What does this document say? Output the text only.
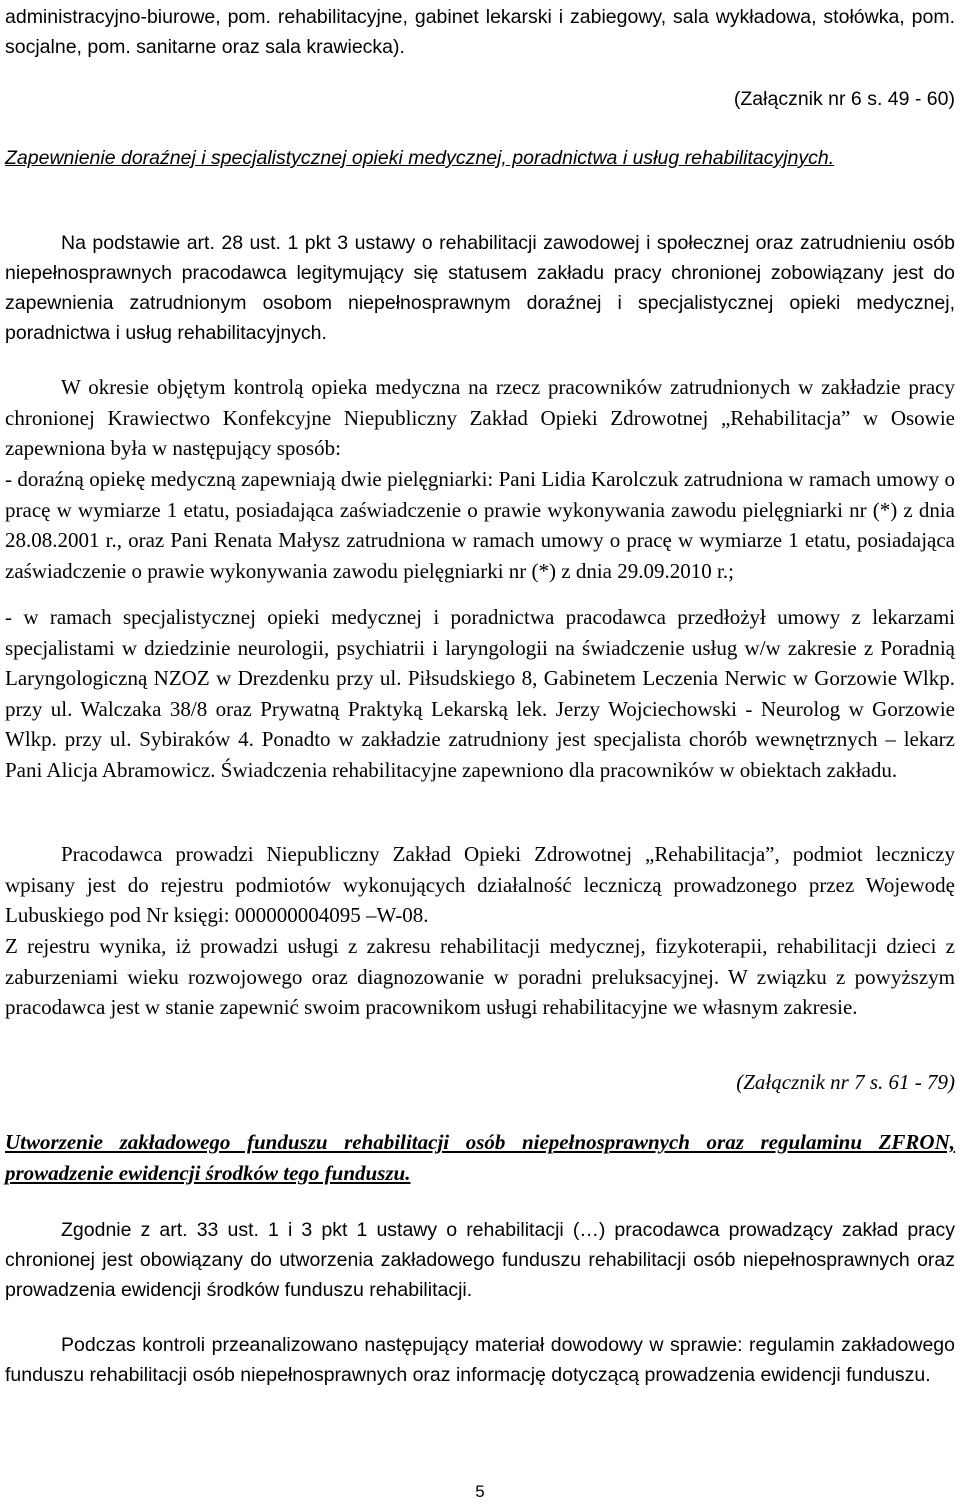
administracyjno-biurowe, pom. rehabilitacyjne, gabinet lekarski i zabiegowy, sala wykładowa, stołówka, pom. socjalne, pom. sanitarne oraz sala krawiecka).

(Załącznik nr 6 s. 49 - 60)

Zapewnienie doraźnej i specjalistycznej opieki medycznej, poradnictwa i usług rehabilitacyjnych.

Na podstawie art. 28 ust. 1 pkt 3 ustawy o rehabilitacji zawodowej i społecznej oraz zatrudnieniu osób niepełnosprawnych pracodawca legitymujący się statusem zakładu pracy chronionej zobowiązany jest do zapewnienia zatrudnionym osobom niepełnosprawnym doraźnej i specjalistycznej opieki medycznej, poradnictwa i usług rehabilitacyjnych.

W okresie objętym kontrolą opieka medyczna na rzecz pracowników zatrudnionych w zakładzie pracy chronionej Krawiectwo Konfekcyjne Niepubliczny Zakład Opieki Zdrowotnej „Rehabilitacja” w Osowie zapewniona była w następujący sposób:

- doraźną opiekę medyczną zapewniają dwie pielęgniarki: Pani Lidia Karolczuk zatrudniona w ramach umowy o pracę w wymiarze 1 etatu, posiadająca zaświadczenie o prawie wykonywania zawodu pielęgniarki nr (*) z dnia 28.08.2001 r., oraz Pani Renata Małysz zatrudniona w ramach umowy o pracę w wymiarze 1 etatu, posiadająca zaświadczenie o prawie wykonywania zawodu pielęgniarki nr (*) z dnia 29.09.2010 r.;

- w ramach specjalistycznej opieki medycznej i poradnictwa pracodawca przedłożył umowy z lekarzami specjalistami w dziedzinie neurologii, psychiatrii i laryngologii na świadczenie usług w/w zakresie z Poradnią Laryngologiczną NZOZ w Drezdenku przy ul. Piłsudskiego 8, Gabinetem Leczenia Nerwic w Gorzowie Wlkp. przy ul. Walczaka 38/8 oraz Prywatną Praktyką Lekarską lek. Jerzy Wojciechowski - Neurolog w Gorzowie Wlkp. przy ul. Sybiraków 4. Ponadto w zakładzie zatrudniony jest specjalista chorób wewnętrznych – lekarz Pani Alicja Abramowicz. Świadczenia rehabilitacyjne zapewniono dla pracowników w obiektach zakładu.

Pracodawca prowadzi Niepubliczny Zakład Opieki Zdrowotnej „Rehabilitacja”, podmiot leczniczy wpisany jest do rejestru podmiotów wykonujących działalność leczniczą prowadzonego przez Wojewodę Lubuskiego pod Nr księgi: 000000004095 –W-08.

Z rejestru wynika, iż prowadzi usługi z zakresu rehabilitacji medycznej, fizykoterapii, rehabilitacji dzieci z zaburzeniami wieku rozwojowego oraz diagnozowanie w poradni preluksacyjnej. W związku z powyższym pracodawca jest w stanie zapewnić swoim pracownikom usługi rehabilitacyjne we własnym zakresie.

(Załącznik nr 7 s. 61 - 79)

Utworzenie zakładowego funduszu rehabilitacji osób niepełnosprawnych oraz regulaminu ZFRON, prowadzenie ewidencji środków tego funduszu.

Zgodnie z art. 33 ust. 1 i 3 pkt 1 ustawy o rehabilitacji (…) pracodawca prowadzący zakład pracy chronionej jest obowiązany do utworzenia zakładowego funduszu rehabilitacji osób niepełnosprawnych oraz prowadzenia ewidencji środków funduszu rehabilitacji.

Podczas kontroli przeanalizowano następujący materiał dowodowy w sprawie: regulamin zakładowego funduszu rehabilitacji osób niepełnosprawnych oraz informację dotyczącą prowadzenia ewidencji funduszu.

5
